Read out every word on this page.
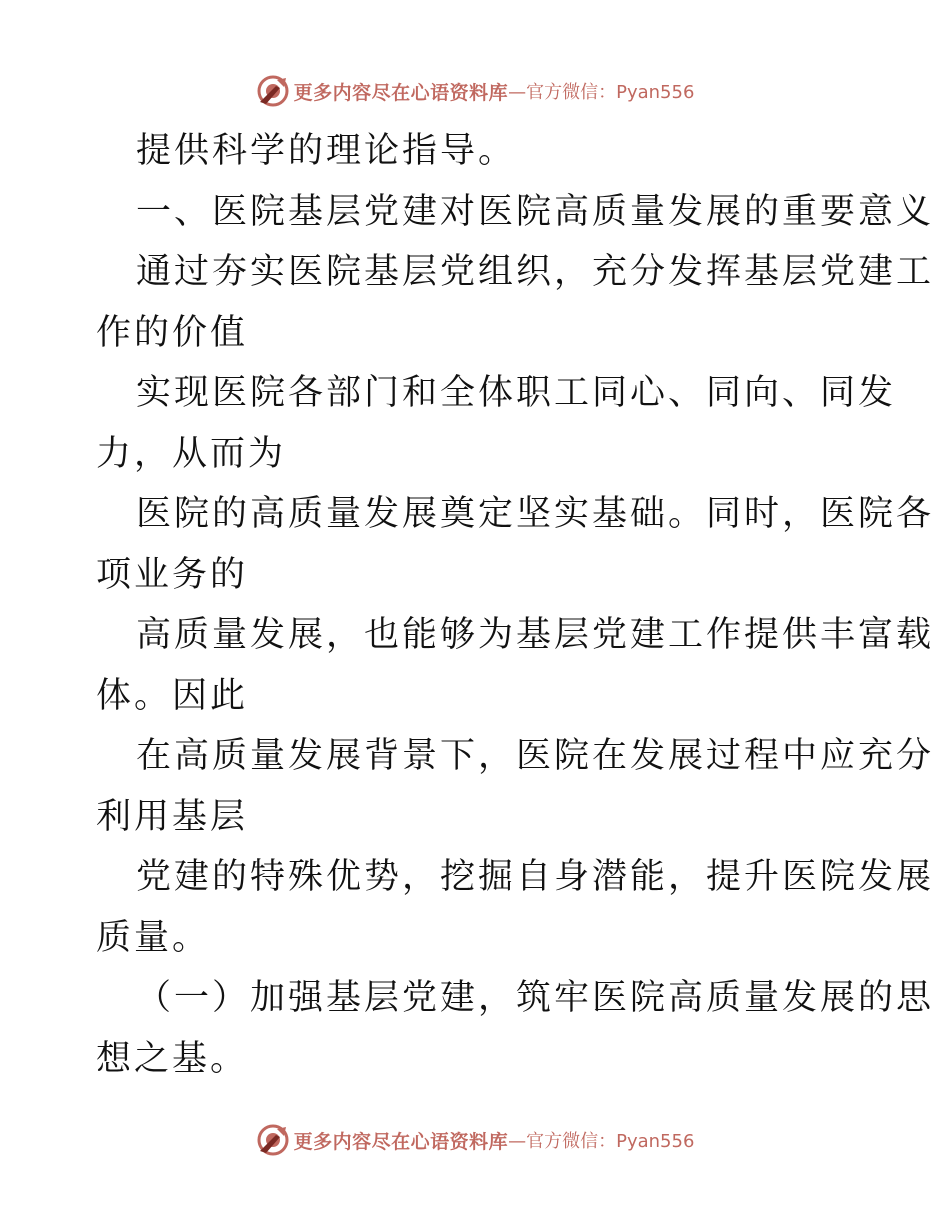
更多内容尽在心语资料库 —官方微信：Pyan556

提供科学的理论指导。

一、医院基层党建对医院高质量发展的重要意义

通过夯实医院基层党组织，充分发挥基层党建工

作的价值

实现医院各部门和全体职工同心、同向、同发

力，从而为

医院的高质量发展奠定坚实基础。同时，医院各

项业务的

高质量发展，也能够为基层党建工作提供丰富载

体。因此

在高质量发展背景下，医院在发展过程中应充分

利用基层

党建的特殊优势，挖掘自身潜能，提升医院发展

质量。

（一）加强基层党建，筑牢医院高质量发展的思

想之基。

更多内容尽在心语资料库 —官方微信：Pyan556
